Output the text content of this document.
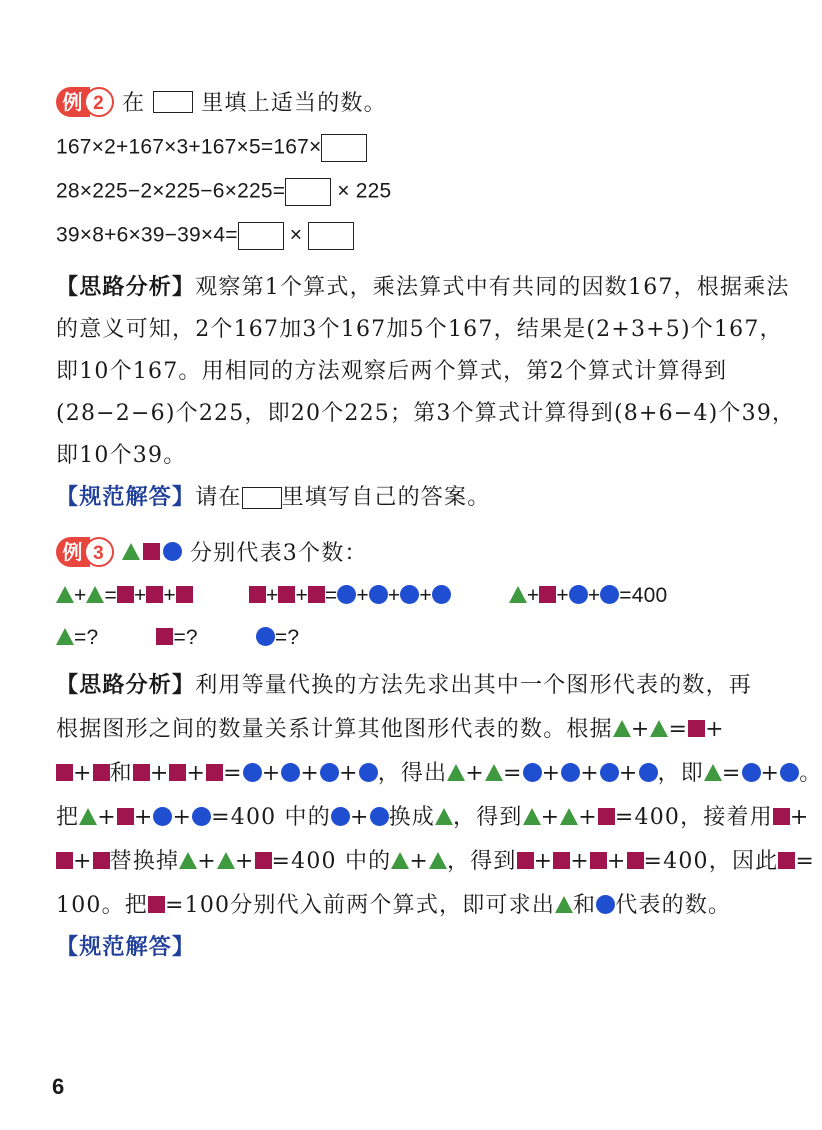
例 2 在	里填上适当的数。
167×2+167×3+167×5=167×
28×225−2×225−6×225= × 225
39×8+6×39−39×4= ×
【思路分析】观察第1个算式，乘法算式中有共同的因数167，根据乘法
的意义可知，2个167加3个167加5个167，结果是(2+3+5)个167，
即10个167。用相同的方法观察后两个算式，第2个算式计算得到
(28−2−6)个225，即20个225；第3个算式计算得到(8+6−4)个39，
即10个39。
【规范解答】请在 里填写自己的答案。
例 3	分别代表3个数：
+ = + +	+ + = + + +	+ + + =400
=?	=?	=?
【思路分析】利用等量代换的方法先求出其中一个图形代表的数，再
根据图形之间的数量关系计算其他图形代表的数。根据 + = +
+ 和 + + = + + + ，得出 + = + + + ，即 = + 。
把 + + + =400 中的 + 换成 ，得到 + + =400，接着用 +
+ 替换掉 + + =400 中的 + ，得到 + + + =400，因此 =
100。把 =100分别代入前两个算式，即可求出 和 代表的数。
【规范解答】
6
